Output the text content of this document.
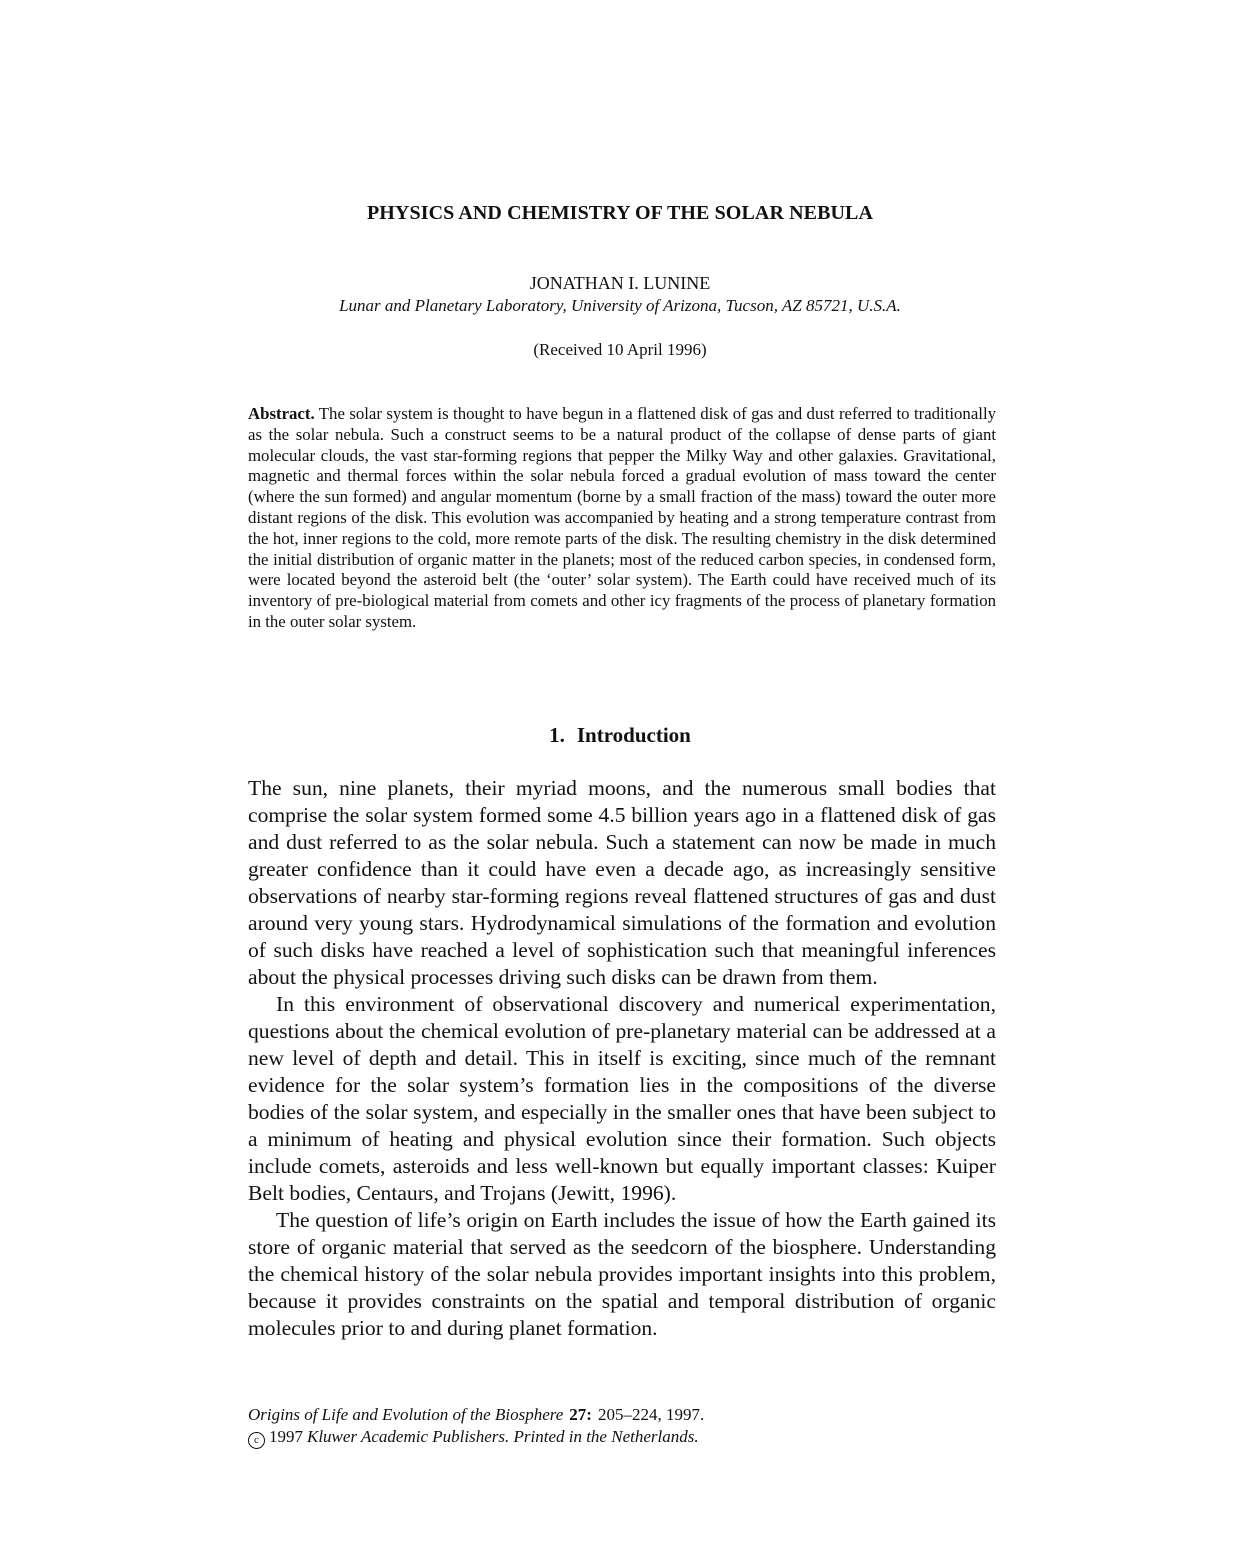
PHYSICS AND CHEMISTRY OF THE SOLAR NEBULA
JONATHAN I. LUNINE
Lunar and Planetary Laboratory, University of Arizona, Tucson, AZ 85721, U.S.A.
(Received 10 April 1996)

Abstract. The solar system is thought to have begun in a flattened disk of gas and dust referred to traditionally as the solar nebula. Such a construct seems to be a natural product of the collapse of dense parts of giant molecular clouds, the vast star-forming regions that pepper the Milky Way and other galaxies. Gravitational, magnetic and thermal forces within the solar nebula forced a gradual evolution of mass toward the center (where the sun formed) and angular momentum (borne by a small fraction of the mass) toward the outer more distant regions of the disk. This evolution was accompanied by heating and a strong temperature contrast from the hot, inner regions to the cold, more remote parts of the disk. The resulting chemistry in the disk determined the initial distribution of organic matter in the planets; most of the reduced carbon species, in condensed form, were located beyond the asteroid belt (the ‘outer’ solar system). The Earth could have received much of its inventory of pre-biological material from comets and other icy fragments of the process of planetary formation in the outer solar system.

1. Introduction

The sun, nine planets, their myriad moons, and the numerous small bodies that comprise the solar system formed some 4.5 billion years ago in a flattened disk of gas and dust referred to as the solar nebula. Such a statement can now be made in much greater confidence than it could have even a decade ago, as increasingly sensitive observations of nearby star-forming regions reveal flattened structures of gas and dust around very young stars. Hydrodynamical simulations of the formation and evolution of such disks have reached a level of sophistication such that meaningful inferences about the physical processes driving such disks can be drawn from them.

In this environment of observational discovery and numerical experimentation, questions about the chemical evolution of pre-planetary material can be addressed at a new level of depth and detail. This in itself is exciting, since much of the remnant evidence for the solar system’s formation lies in the compositions of the diverse bodies of the solar system, and especially in the smaller ones that have been subject to a minimum of heating and physical evolution since their formation. Such objects include comets, asteroids and less well-known but equally important classes: Kuiper Belt bodies, Centaurs, and Trojans (Jewitt, 1996).

The question of life’s origin on Earth includes the issue of how the Earth gained its store of organic material that served as the seedcorn of the biosphere. Understanding the chemical history of the solar nebula provides important insights into this problem, because it provides constraints on the spatial and temporal distribution of organic molecules prior to and during planet formation.

Origins of Life and Evolution of the Biosphere 27: 205–224, 1997.
c 1997 Kluwer Academic Publishers. Printed in the Netherlands.
